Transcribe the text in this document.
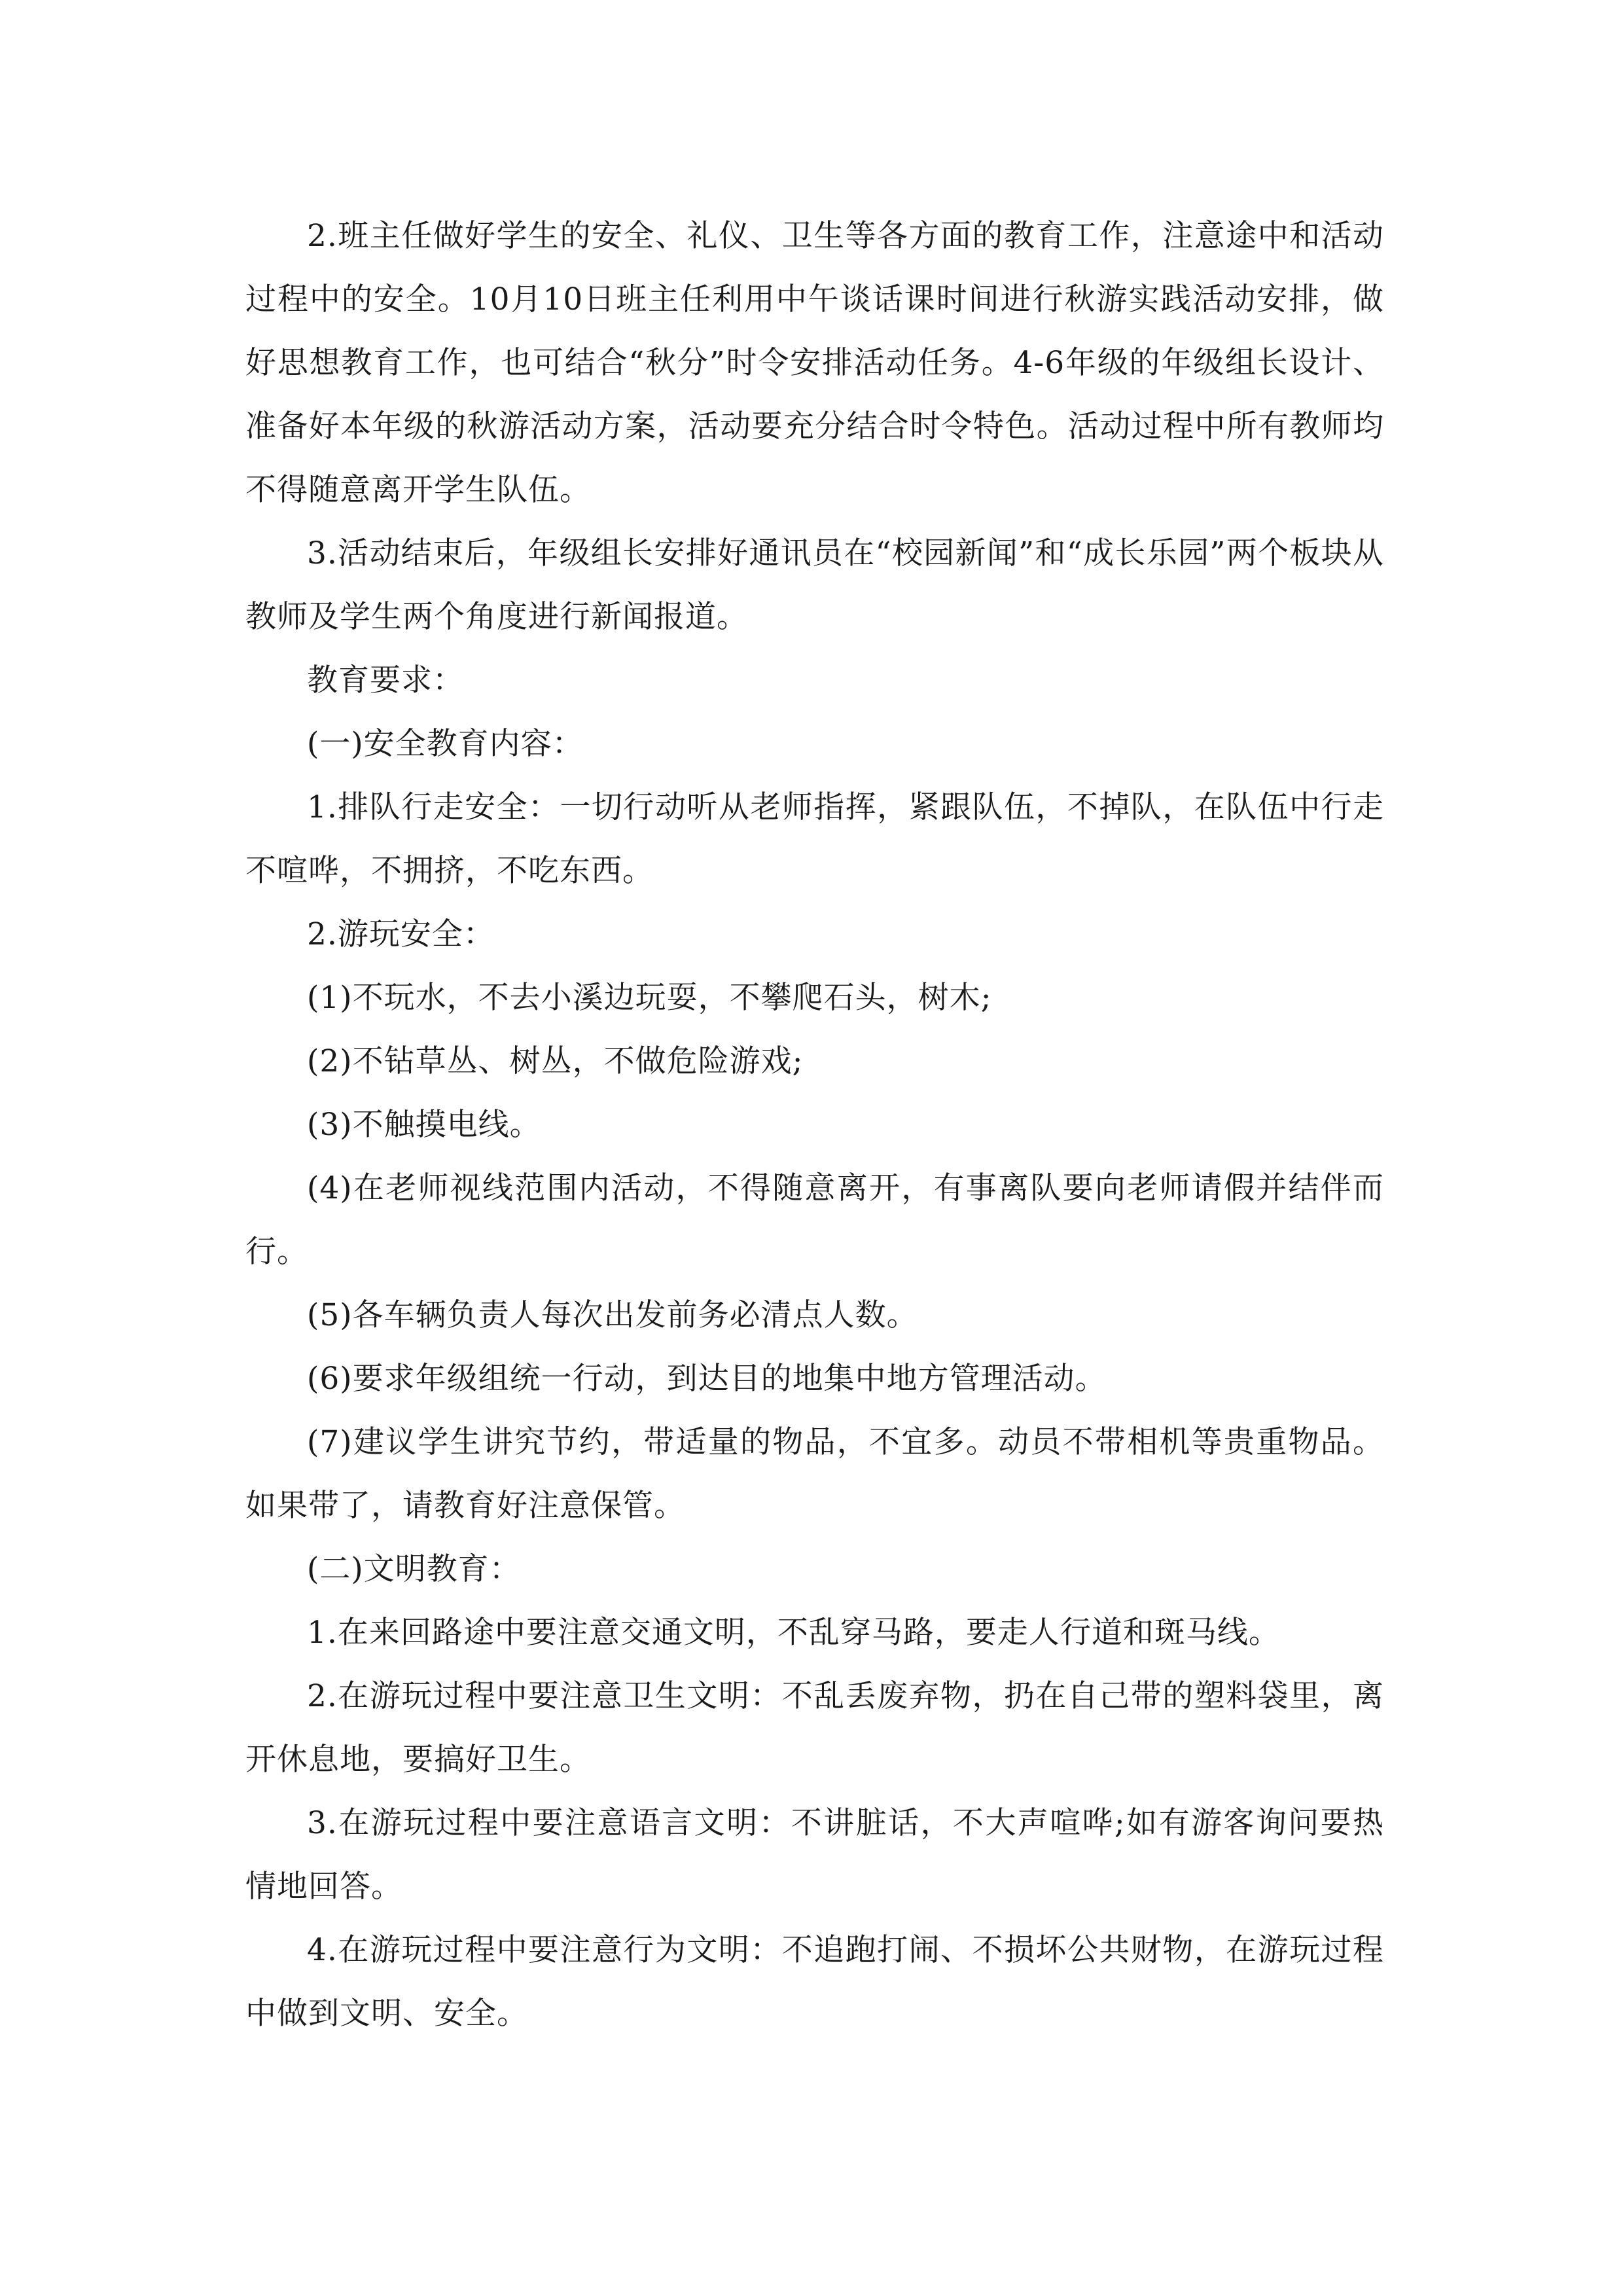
2.班主任做好学生的安全、礼仪、卫生等各方面的教育工作，注意途中和活动过程中的安全。10月10日班主任利用中午谈话课时间进行秋游实践活动安排，做好思想教育工作，也可结合“秋分”时令安排活动任务。4-6年级的年级组长设计、准备好本年级的秋游活动方案，活动要充分结合时令特色。活动过程中所有教师均不得随意离开学生队伍。

3.活动结束后，年级组长安排好通讯员在“校园新闻”和“成长乐园”两个板块从教师及学生两个角度进行新闻报道。

教育要求：

(一)安全教育内容：

1.排队行走安全：一切行动听从老师指挥，紧跟队伍，不掉队，在队伍中行走不喧哗，不拥挤，不吃东西。

2.游玩安全：

(1)不玩水，不去小溪边玩耍，不攀爬石头，树木;

(2)不钻草丛、树丛，不做危险游戏;

(3)不触摸电线。

(4)在老师视线范围内活动，不得随意离开，有事离队要向老师请假并结伴而行。

(5)各车辆负责人每次出发前务必清点人数。

(6)要求年级组统一行动，到达目的地集中地方管理活动。

(7)建议学生讲究节约，带适量的物品，不宜多。动员不带相机等贵重物品。如果带了，请教育好注意保管。

(二)文明教育：

1.在来回路途中要注意交通文明，不乱穿马路，要走人行道和斑马线。

2.在游玩过程中要注意卫生文明：不乱丢废弃物，扔在自己带的塑料袋里，离开休息地，要搞好卫生。

3.在游玩过程中要注意语言文明：不讲脏话，不大声喧哗;如有游客询问要热情地回答。

4.在游玩过程中要注意行为文明：不追跑打闹、不损坏公共财物，在游玩过程中做到文明、安全。
